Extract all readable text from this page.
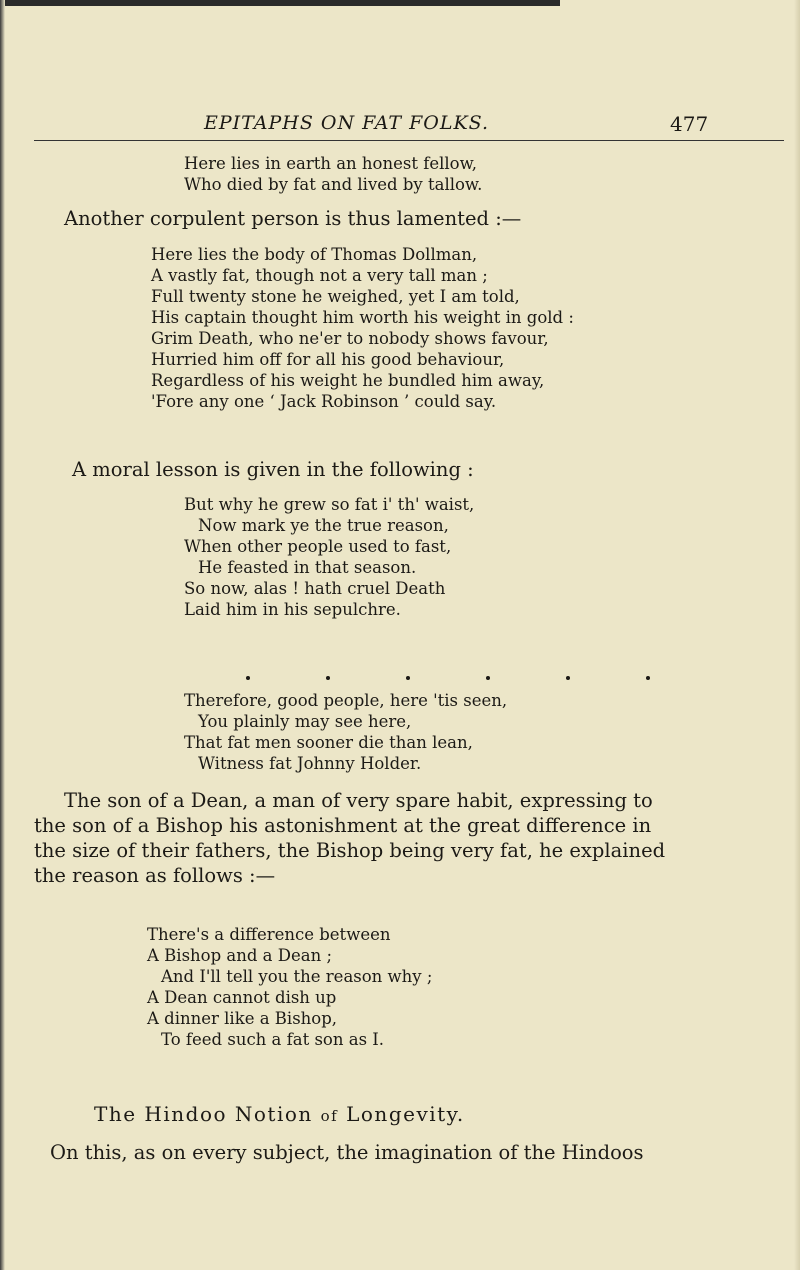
EPITAPHS ON FAT FOLKS.	477
Here lies in earth an honest fellow,
Who died by fat and lived by tallow.
Another corpulent person is thus lamented :—
Here lies the body of Thomas Dollman,
A vastly fat, though not a very tall man ;
Full twenty stone he weighed, yet I am told,
His captain thought him worth his weight in gold :
Grim Death, who ne'er to nobody shows favour,
Hurried him off for all his good behaviour,
Regardless of his weight he bundled him away,
'Fore any one ‘ Jack Robinson ’ could say.
A moral lesson is given in the following :
But why he grew so fat i' th' waist,
Now mark ye the true reason,
When other people used to fast,
He feasted in that season.
So now, alas ! hath cruel Death
Laid him in his sepulchre.
Therefore, good people, here 'tis seen,
You plainly may see here,
That fat men sooner die than lean,
Witness fat Johnny Holder.
The son of a Dean, a man of very spare habit, expressing to
the son of a Bishop his astonishment at the great difference in
the size of their fathers, the Bishop being very fat, he explained
the reason as follows :—
There's a difference between
A Bishop and a Dean ;
And I'll tell you the reason why ;
A Dean cannot dish up
A dinner like a Bishop,
To feed such a fat son as I.
The Hindoo Notion of Longevity.
On this, as on every subject, the imagination of the Hindoos
